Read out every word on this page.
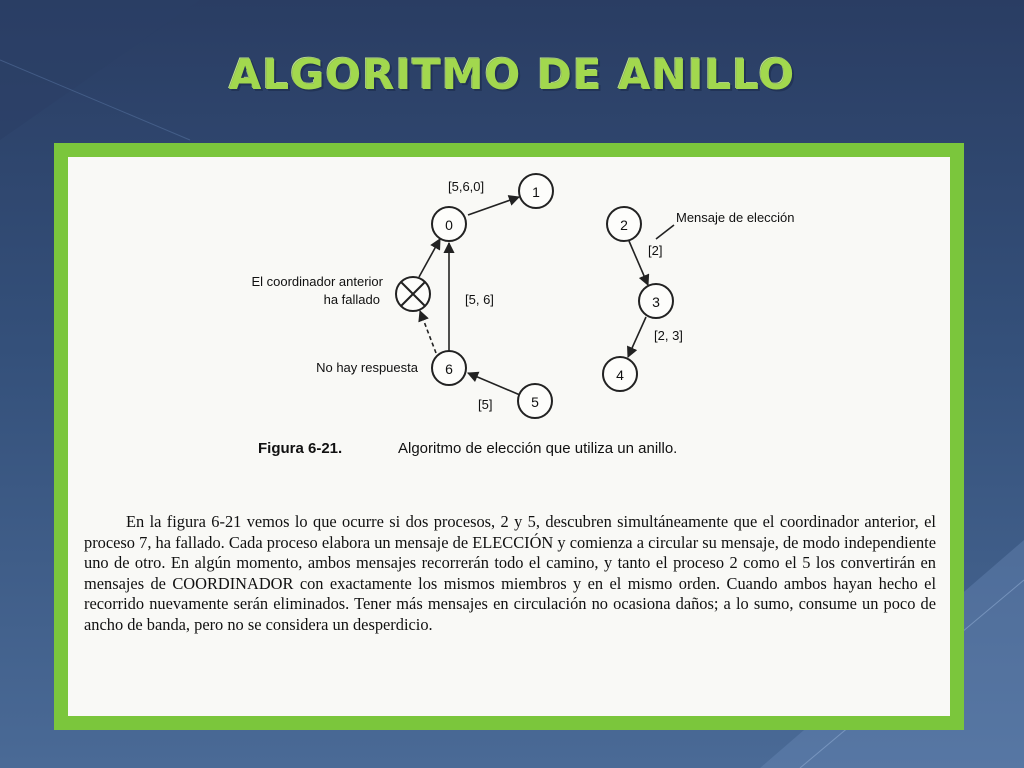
ALGORITMO DE ANILLO
0
1
6
5
2
3
4
[5,6,0]
[5, 6]
[5]
[2]
[2, 3]
El coordinador anterior
ha fallado
No hay respuesta
Mensaje de elección
Figura 6-21.	Algoritmo de elección que utiliza un anillo.

En la figura 6-21 vemos lo que ocurre si dos procesos, 2 y 5, descubren simultáneamente que el coordinador anterior, el proceso 7, ha fallado. Cada proceso elabora un mensaje de ELECCIÓN y comienza a circular su mensaje, de modo independiente uno de otro. En algún momento, ambos mensajes recorrerán todo el camino, y tanto el proceso 2 como el 5 los convertirán en mensajes de COORDINADOR con exactamente los mismos miembros y en el mismo orden. Cuando ambos hayan hecho el recorrido nuevamente serán eliminados. Tener más mensajes en circulación no ocasiona daños; a lo sumo, consume un poco de ancho de banda, pero no se considera un desperdicio.
